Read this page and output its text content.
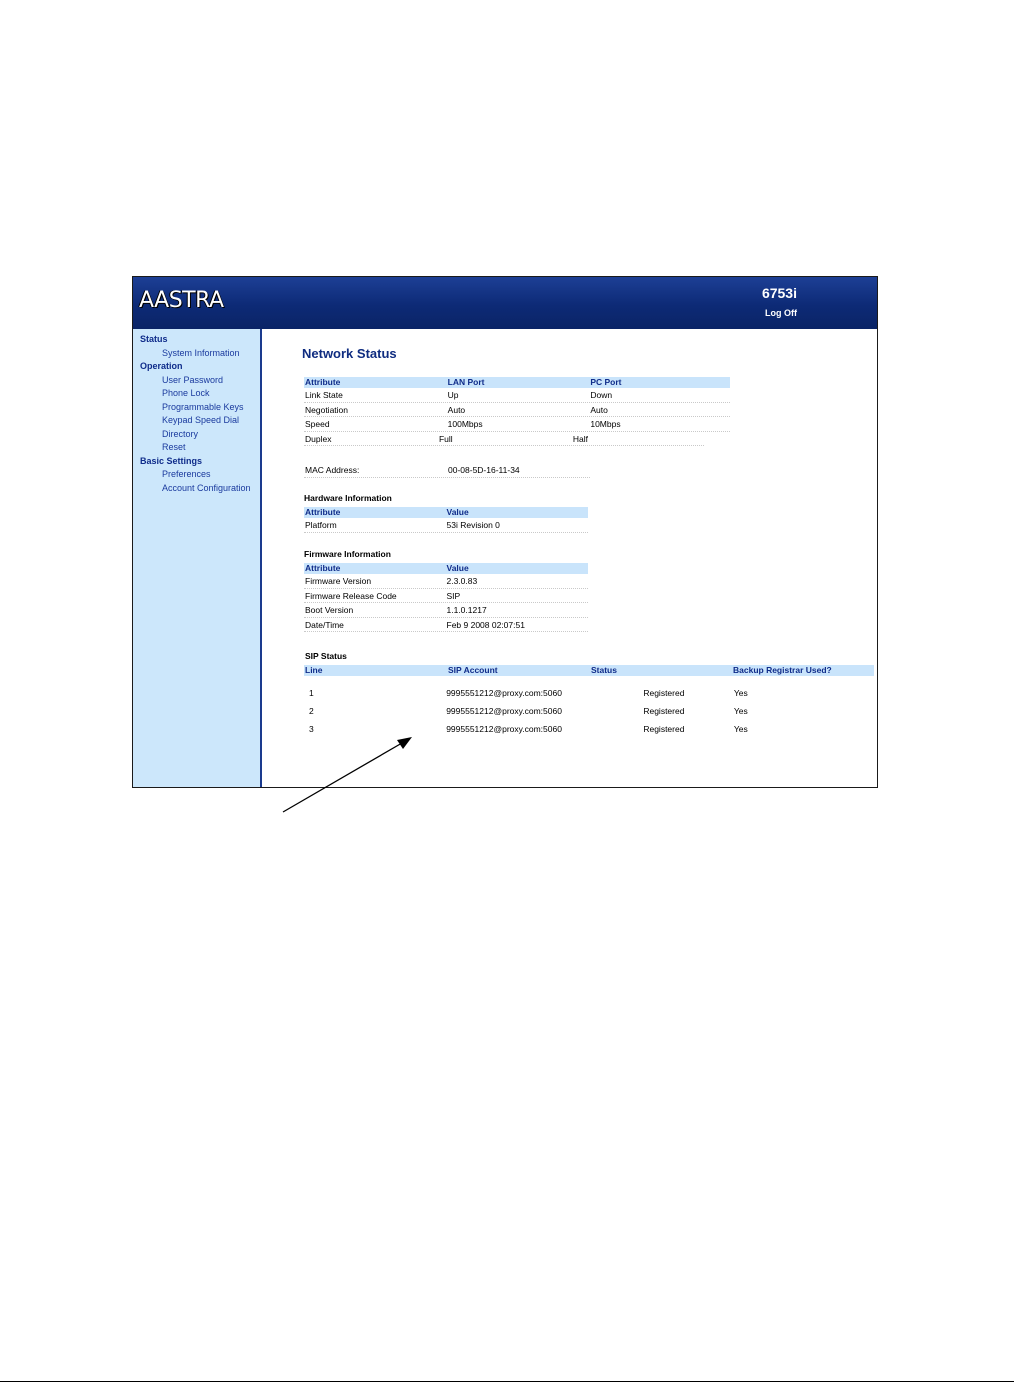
AASTRA	6753i
Log Off
Status
System Information
Operation
User Password
Phone Lock
Programmable Keys
Keypad Speed Dial
Directory
Reset
Basic Settings
Preferences
Account Configuration
Network Status
Attribute	LAN Port	PC Port
Link State	Up	Down
Negotiation	Auto	Auto
Speed	100Mbps	10Mbps
Duplex	Full	Half
MAC Address:	00-08-5D-16-11-34
Hardware Information
Attribute	Value
Platform	53i Revision 0
Firmware Information
Attribute	Value
Firmware Version	2.3.0.83
Firmware Release Code	SIP
Boot Version	1.1.0.1217
Date/Time	Feb 9 2008 02:07:51
SIP Status
Line	SIP Account	Status	Backup Registrar Used?
1	9995551212@proxy.com:5060	Registered	Yes
2	9995551212@proxy.com:5060	Registered	Yes
3	9995551212@proxy.com:5060	Registered	Yes
